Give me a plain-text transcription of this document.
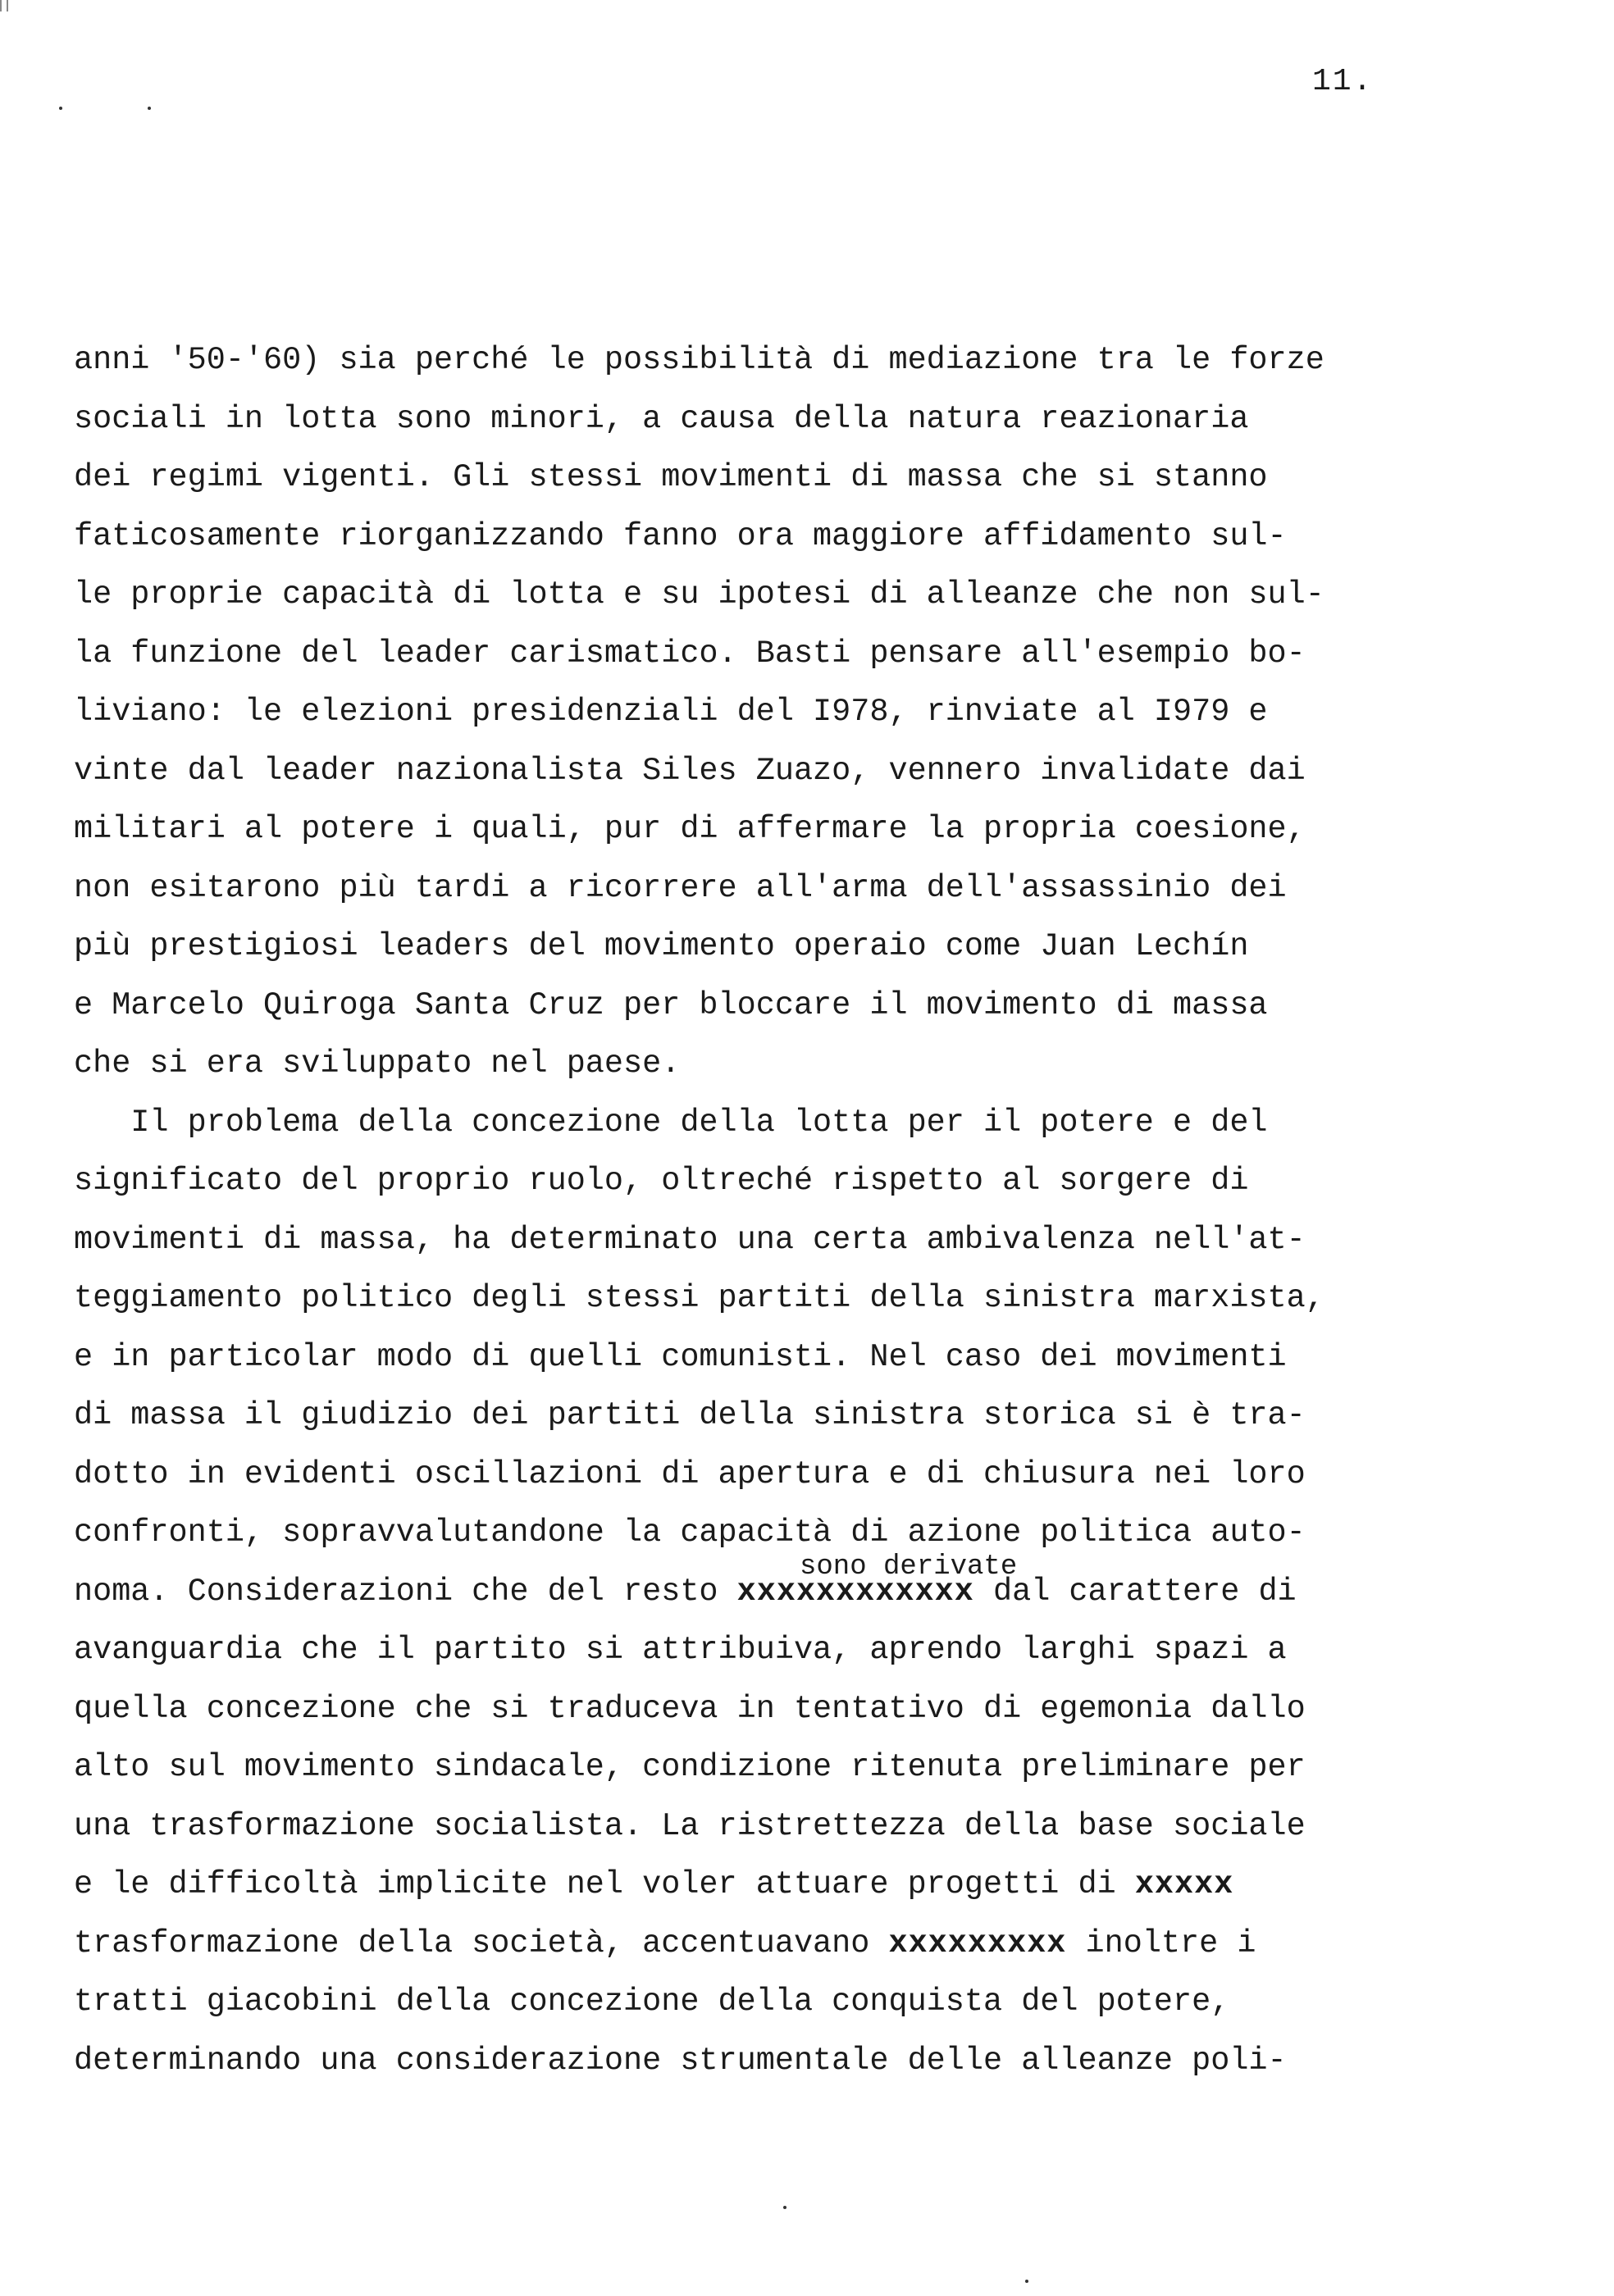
11.
anni '50-'60) sia perché le possibilità di mediazione tra le forze
sociali in lotta sono minori, a causa della natura reazionaria
dei regimi vigenti. Gli stessi movimenti di massa che si stanno
faticosamente riorganizzando fanno ora maggiore affidamento sul-
le proprie capacità di lotta e su ipotesi di alleanze che non sul-
la funzione del leader carismatico. Basti pensare all'esempio bo-
liviano: le elezioni presidenziali del I978, rinviate al I979 e
vinte dal leader nazionalista Siles Zuazo, vennero invalidate dai
militari al potere i quali, pur di affermare la propria coesione,
non esitarono più tardi a ricorrere all'arma dell'assassinio dei
più prestigiosi leaders del movimento operaio come Juan Lechín
e Marcelo Quiroga Santa Cruz per bloccare il movimento di massa
che si era sviluppato nel paese.
Il problema della concezione della lotta per il potere e del
significato del proprio ruolo, oltreché rispetto al sorgere di
movimenti di massa, ha determinato una certa ambivalenza nell'at-
teggiamento politico degli stessi partiti della sinistra marxista,
e in particolar modo di quelli comunisti. Nel caso dei movimenti
di massa il giudizio dei partiti della sinistra storica si è tra-
dotto in evidenti oscillazioni di apertura e di chiusura nei loro
confronti, sopravvalutandone la capacità di azione politica auto-
noma. Considerazioni che del resto xxxxxxxxxxxx dal carattere di
avanguardia che il partito si attribuiva, aprendo larghi spazi a
quella concezione che si traduceva in tentativo di egemonia dallo
alto sul movimento sindacale, condizione ritenuta preliminare per
una trasformazione socialista. La ristrettezza della base sociale
e le difficoltà implicite nel voler attuare progetti di xxxxx
trasformazione della società, accentuavano xxxxxxxxx inoltre i
tratti giacobini della concezione della conquista del potere,
determinando una considerazione strumentale delle alleanze poli-
sono derivate
